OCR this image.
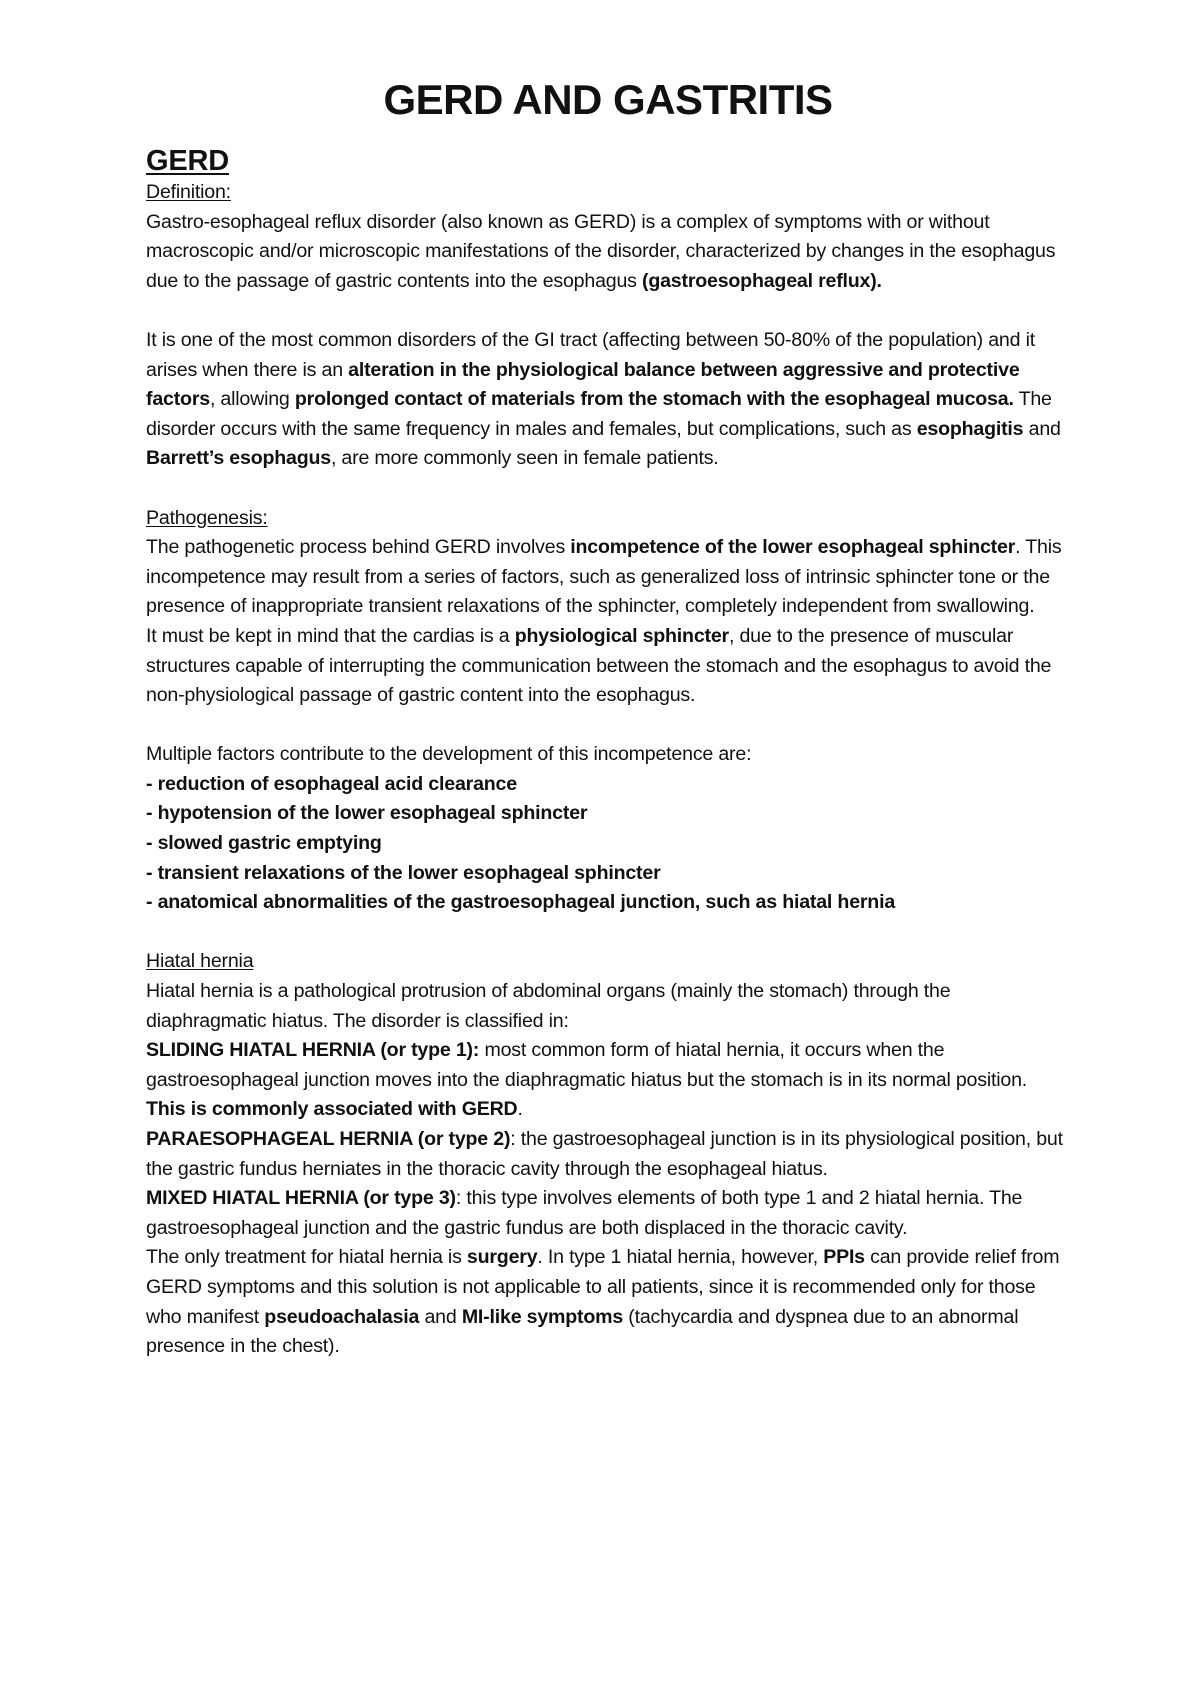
GERD AND GASTRITIS
GERD

Definition:

Gastro-esophageal reflux disorder (also known as GERD) is a complex of symptoms with or without macroscopic and/or microscopic manifestations of the disorder, characterized by changes in the esophagus due to the passage of gastric contents into the esophagus (gastroesophageal reflux).

It is one of the most common disorders of the GI tract (affecting between 50-80% of the population) and it arises when there is an alteration in the physiological balance between aggressive and protective factors, allowing prolonged contact of materials from the stomach with the esophageal mucosa. The disorder occurs with the same frequency in males and females, but complications, such as esophagitis and Barrett’s esophagus, are more commonly seen in female patients.

Pathogenesis:

The pathogenetic process behind GERD involves incompetence of the lower esophageal sphincter. This incompetence may result from a series of factors, such as generalized loss of intrinsic sphincter tone or the presence of inappropriate transient relaxations of the sphincter, completely independent from swallowing.

It must be kept in mind that the cardias is a physiological sphincter, due to the presence of muscular structures capable of interrupting the communication between the stomach and the esophagus to avoid the non-physiological passage of gastric content into the esophagus.

Multiple factors contribute to the development of this incompetence are:

- reduction of esophageal acid clearance
- hypotension of the lower esophageal sphincter
- slowed gastric emptying
- transient relaxations of the lower esophageal sphincter
- anatomical abnormalities of the gastroesophageal junction, such as hiatal hernia

Hiatal hernia

Hiatal hernia is a pathological protrusion of abdominal organs (mainly the stomach) through the diaphragmatic hiatus. The disorder is classified in:

SLIDING HIATAL HERNIA (or type 1): most common form of hiatal hernia, it occurs when the gastroesophageal junction moves into the diaphragmatic hiatus but the stomach is in its normal position. This is commonly associated with GERD.

PARAESOPHAGEAL HERNIA (or type 2): the gastroesophageal junction is in its physiological position, but the gastric fundus herniates in the thoracic cavity through the esophageal hiatus.

MIXED HIATAL HERNIA (or type 3): this type involves elements of both type 1 and 2 hiatal hernia. The gastroesophageal junction and the gastric fundus are both displaced in the thoracic cavity.

The only treatment for hiatal hernia is surgery. In type 1 hiatal hernia, however, PPIs can provide relief from GERD symptoms and this solution is not applicable to all patients, since it is recommended only for those who manifest pseudoachalasia and MI-like symptoms (tachycardia and dyspnea due to an abnormal presence in the chest).
